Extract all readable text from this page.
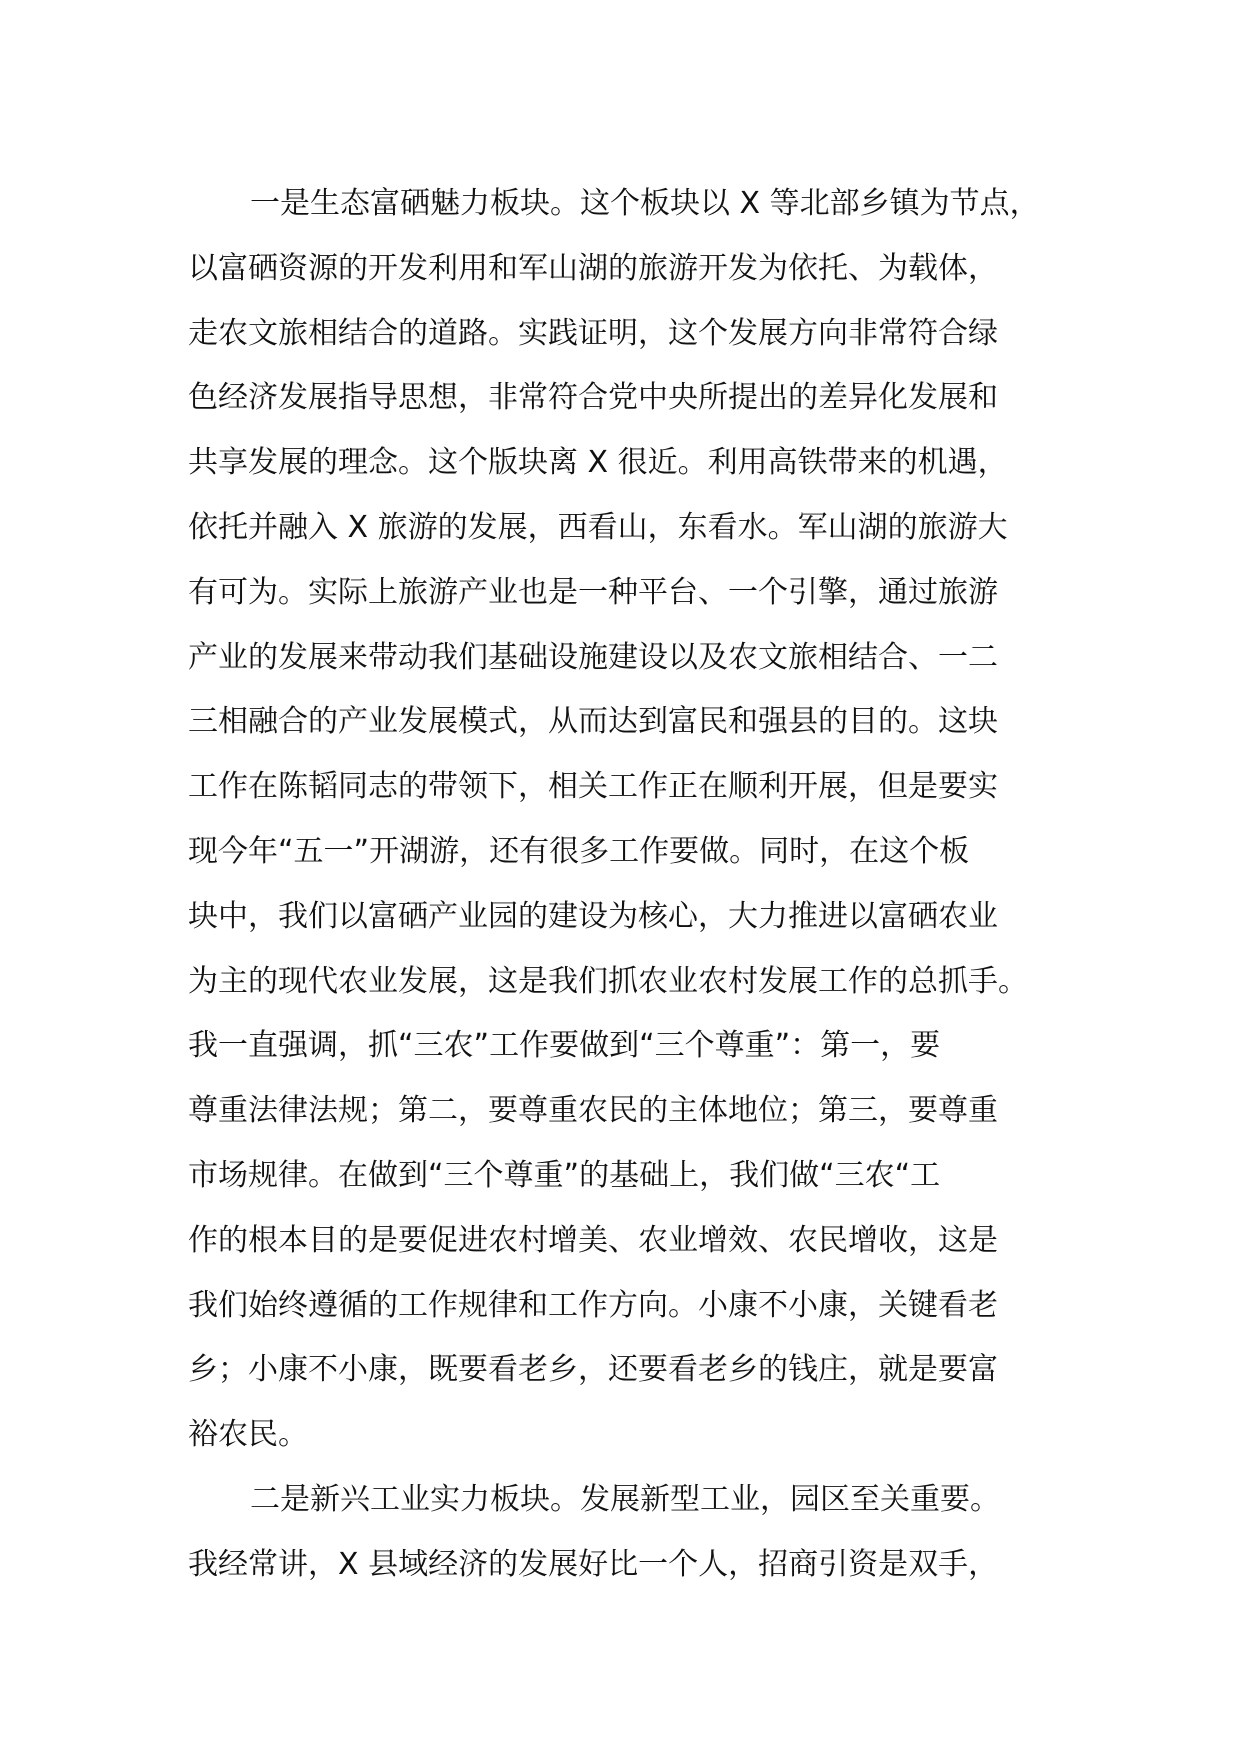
一是生态富硒魅力板块。这个板块以 X 等北部乡镇为节点，
以富硒资源的开发利用和军山湖的旅游开发为依托、为载体，
走农文旅相结合的道路。实践证明，这个发展方向非常符合绿
色经济发展指导思想，非常符合党中央所提出的差异化发展和
共享发展的理念。这个版块离 X 很近。利用高铁带来的机遇，
依托并融入 X 旅游的发展，西看山，东看水。军山湖的旅游大
有可为。实际上旅游产业也是一种平台、一个引擎，通过旅游
产业的发展来带动我们基础设施建设以及农文旅相结合、一二
三相融合的产业发展模式，从而达到富民和强县的目的。这块
工作在陈韬同志的带领下，相关工作正在顺利开展，但是要实
现今年“五一”开湖游，还有很多工作要做。同时，在这个板
块中，我们以富硒产业园的建设为核心，大力推进以富硒农业
为主的现代农业发展，这是我们抓农业农村发展工作的总抓手。
我一直强调，抓“三农”工作要做到“三个尊重”：第一，要
尊重法律法规；第二，要尊重农民的主体地位；第三，要尊重
市场规律。在做到“三个尊重”的基础上，我们做“三农“工
作的根本目的是要促进农村增美、农业增效、农民增收，这是
我们始终遵循的工作规律和工作方向。小康不小康，关键看老
乡；小康不小康，既要看老乡，还要看老乡的钱庄，就是要富
裕农民。
二是新兴工业实力板块。发展新型工业，园区至关重要。
我经常讲，X 县域经济的发展好比一个人，招商引资是双手，
